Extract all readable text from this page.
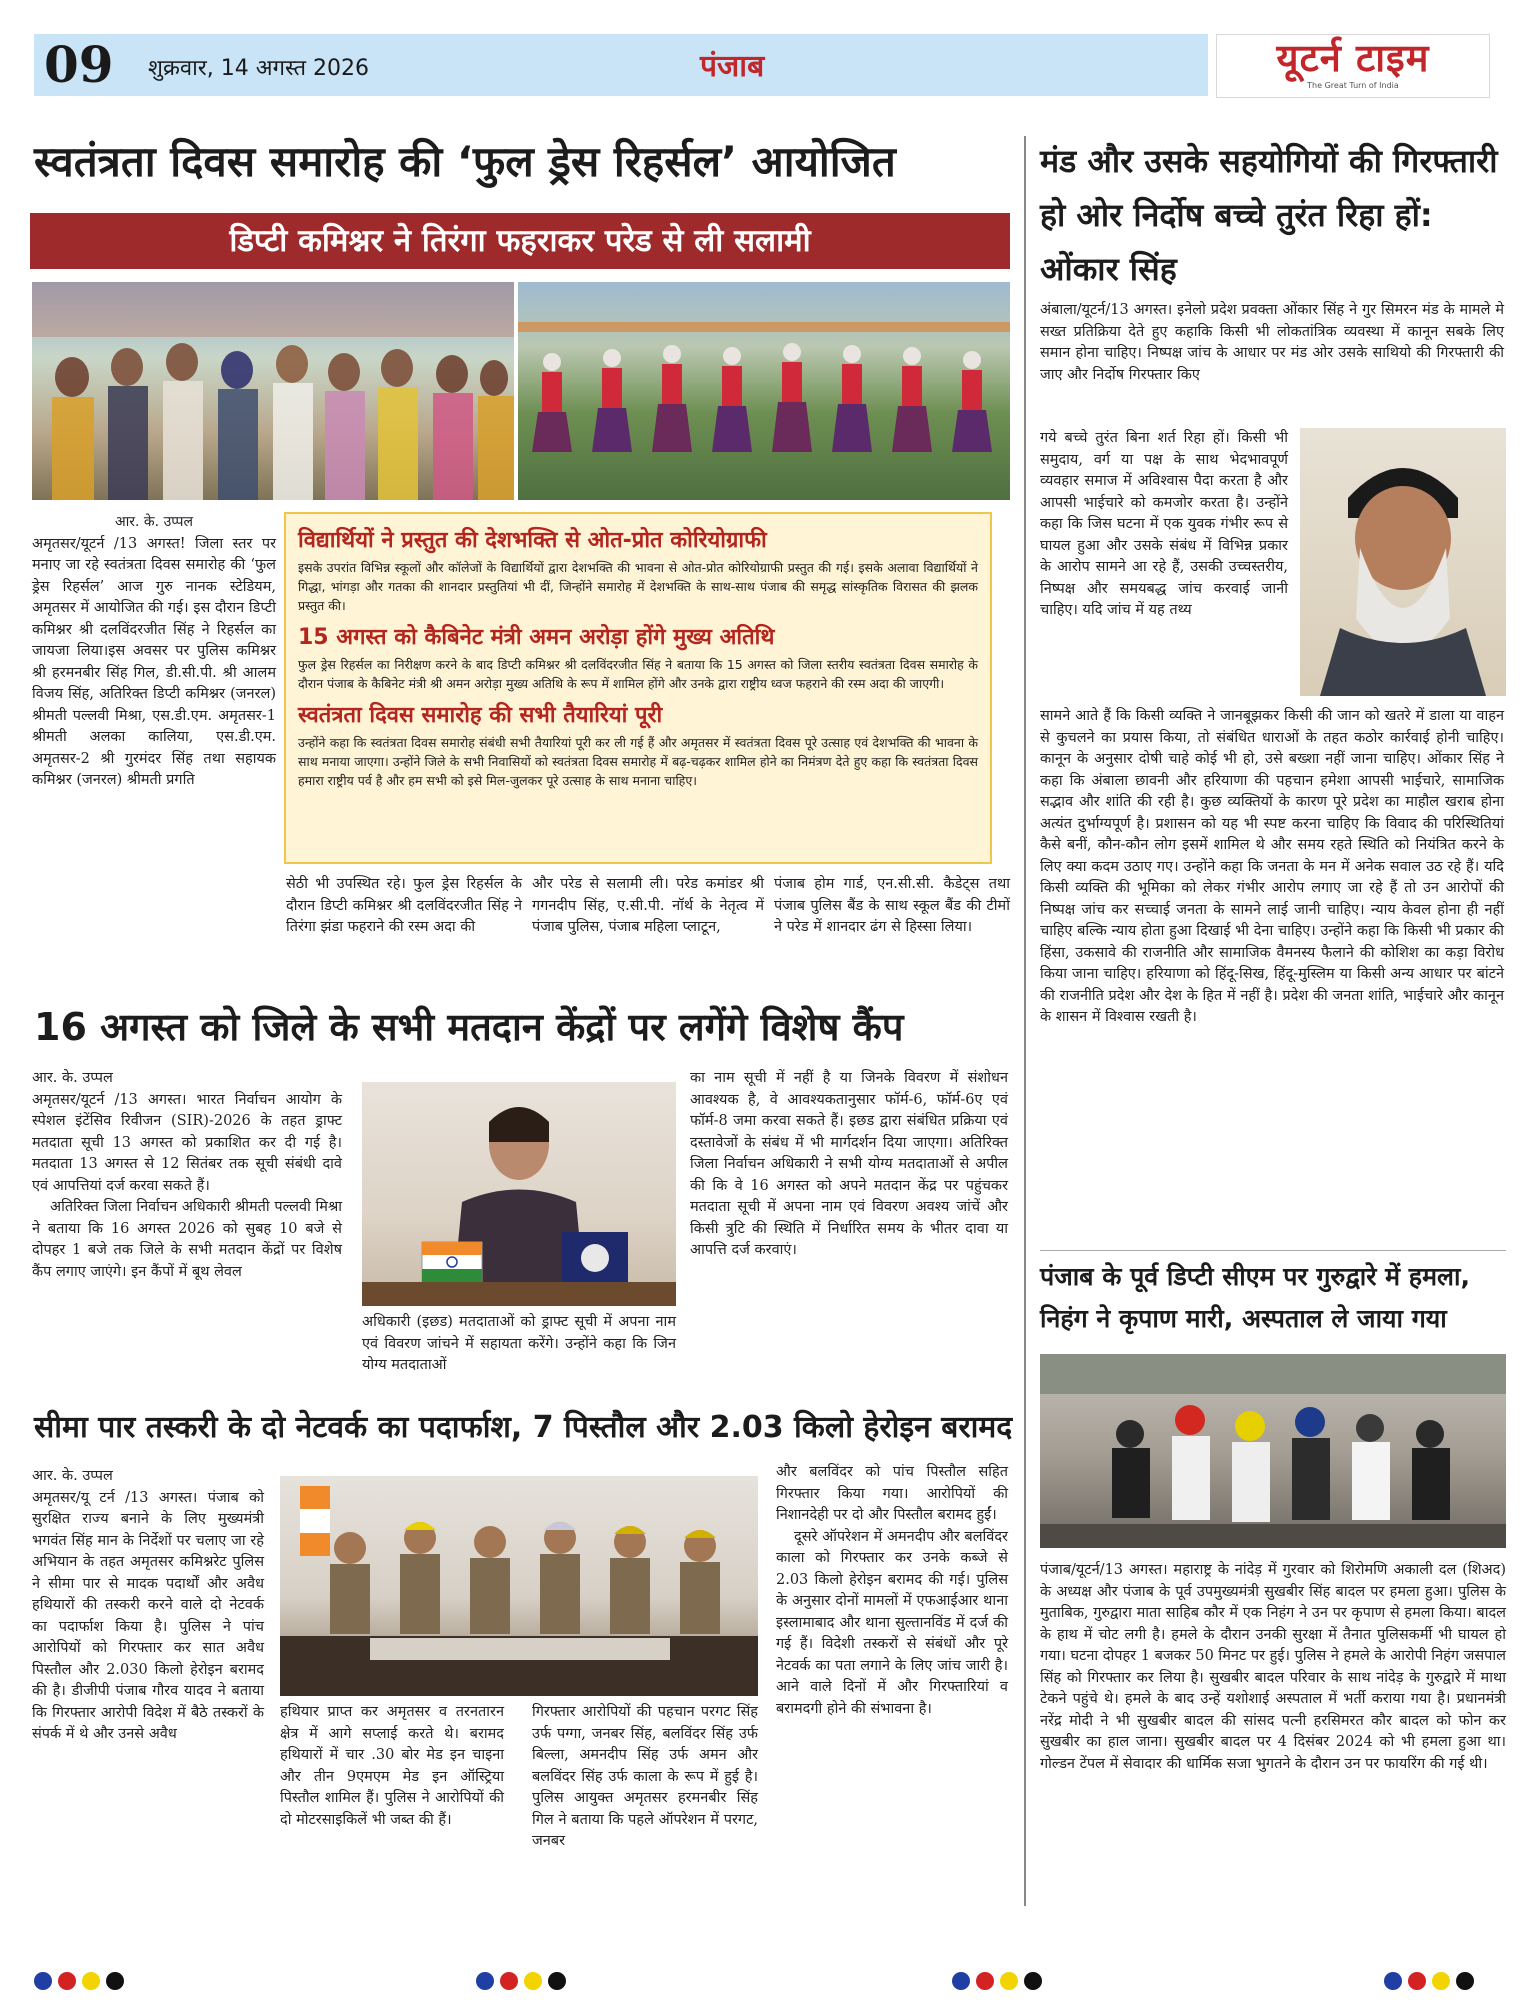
09 शुक्रवार, 14 अगस्त 2026	पंजाब	यूटर्न टाइम
The Great Turn of India
स्वतंत्रता दिवस समारोह की ‘फुल ड्रेस रिहर्सल’ आयोजित
डिप्टी कमिश्नर ने तिरंगा फहराकर परेड से ली सलामी

आर. के. उप्पल

अमृतसर/यूटर्न /13 अगस्त! जिला स्तर पर मनाए जा रहे स्वतंत्रता दिवस समारोह की ‘फुल ड्रेस रिहर्सल’ आज गुरु नानक स्टेडियम, अमृतसर में आयोजित की गई। इस दौरान डिप्टी कमिश्नर श्री दलविंदरजीत सिंह ने रिहर्सल का जायजा लिया।इस अवसर पर पुलिस कमिश्नर श्री हरमनबीर सिंह गिल, डी.सी.पी. श्री आलम विजय सिंह, अतिरिक्त डिप्टी कमिश्नर (जनरल) श्रीमती पल्लवी मिश्रा, एस.डी.एम. अमृतसर-1 श्रीमती अलका कालिया, एस.डी.एम. अमृतसर-2 श्री गुरमंदर सिंह तथा सहायक कमिश्नर (जनरल) श्रीमती प्रगति

विद्यार्थियों ने प्रस्तुत की देशभक्ति से ओत-प्रोत कोरियोग्राफी

इसके उपरांत विभिन्न स्कूलों और कॉलेजों के विद्यार्थियों द्वारा देशभक्ति की भावना से ओत-प्रोत कोरियोग्राफी प्रस्तुत की गई। इसके अलावा विद्यार्थियों ने गिद्धा, भांगड़ा और गतका की शानदार प्रस्तुतियां भी दीं, जिन्होंने समारोह में देशभक्ति के साथ-साथ पंजाब की समृद्ध सांस्कृतिक विरासत की झलक प्रस्तुत की।

15 अगस्त को कैबिनेट मंत्री अमन अरोड़ा होंगे मुख्य अतिथि

फुल ड्रेस रिहर्सल का निरीक्षण करने के बाद डिप्टी कमिश्नर श्री दलविंदरजीत सिंह ने बताया कि 15 अगस्त को जिला स्तरीय स्वतंत्रता दिवस समारोह के दौरान पंजाब के कैबिनेट मंत्री श्री अमन अरोड़ा मुख्य अतिथि के रूप में शामिल होंगे और उनके द्वारा राष्ट्रीय ध्वज फहराने की रस्म अदा की जाएगी।

स्वतंत्रता दिवस समारोह की सभी तैयारियां पूरी

उन्होंने कहा कि स्वतंत्रता दिवस समारोह संबंधी सभी तैयारियां पूरी कर ली गई हैं और अमृतसर में स्वतंत्रता दिवस पूरे उत्साह एवं देशभक्ति की भावना के साथ मनाया जाएगा। उन्होंने जिले के सभी निवासियों को स्वतंत्रता दिवस समारोह में बढ़-चढ़कर शामिल होने का निमंत्रण देते हुए कहा कि स्वतंत्रता दिवस हमारा राष्ट्रीय पर्व है और हम सभी को इसे मिल-जुलकर पूरे उत्साह के साथ मनाना चाहिए।

सेठी भी उपस्थित रहे। फुल ड्रेस रिहर्सल के दौरान डिप्टी कमिश्नर श्री दलविंदरजीत सिंह ने तिरंगा झंडा फहराने की रस्म अदा की
और परेड से सलामी ली। परेड कमांडर श्री गगनदीप सिंह, ए.सी.पी. नॉर्थ के नेतृत्व में पंजाब पुलिस, पंजाब महिला प्लाटून,
पंजाब होम गार्ड, एन.सी.सी. कैडेट्स तथा पंजाब पुलिस बैंड के साथ स्कूल बैंड की टीमों ने परेड में शानदार ढंग से हिस्सा लिया।
16 अगस्त को जिले के सभी मतदान केंद्रों पर लगेंगे विशेष कैंप

आर. के. उप्पल

अमृतसर/यूटर्न /13 अगस्त। भारत निर्वाचन आयोग के स्पेशल इंटेंसिव रिवीजन (SIR)-2026 के तहत ड्राफ्ट मतदाता सूची 13 अगस्त को प्रकाशित कर दी गई है। मतदाता 13 अगस्त से 12 सितंबर तक सूची संबंधी दावे एवं आपत्तियां दर्ज करवा सकते हैं।

अतिरिक्त जिला निर्वाचन अधिकारी श्रीमती पल्लवी मिश्रा ने बताया कि 16 अगस्त 2026 को सुबह 10 बजे से दोपहर 1 बजे तक जिले के सभी मतदान केंद्रों पर विशेष कैंप लगाए जाएंगे। इन कैंपों में बूथ लेवल

अधिकारी (इछड) मतदाताओं को ड्राफ्ट सूची में अपना नाम एवं विवरण जांचने में सहायता करेंगे। उन्होंने कहा कि जिन योग्य मतदाताओं
का नाम सूची में नहीं है या जिनके विवरण में संशोधन आवश्यक है, वे आवश्यकतानुसार फॉर्म-6, फॉर्म-6ए एवं फॉर्म-8 जमा करवा सकते हैं। इछड द्वारा संबंधित प्रक्रिया एवं दस्तावेजों के संबंध में भी मार्गदर्शन दिया जाएगा। अतिरिक्त जिला निर्वाचन अधिकारी ने सभी योग्य मतदाताओं से अपील की कि वे 16 अगस्त को अपने मतदान केंद्र पर पहुंचकर मतदाता सूची में अपना नाम एवं विवरण अवश्य जांचें और किसी त्रुटि की स्थिति में निर्धारित समय के भीतर दावा या आपत्ति दर्ज करवाएं।
सीमा पार तस्करी के दो नेटवर्क का पदार्फाश, 7 पिस्तौल और 2.03 किलो हेरोइन बरामद

आर. के. उप्पल

अमृतसर/यू टर्न /13 अगस्त। पंजाब को सुरक्षित राज्य बनाने के लिए मुख्यमंत्री भगवंत सिंह मान के निर्देशों पर चलाए जा रहे अभियान के तहत अमृतसर कमिश्नरेट पुलिस ने सीमा पार से मादक पदार्थों और अवैध हथियारों की तस्करी करने वाले दो नेटवर्क का पदार्फाश किया है। पुलिस ने पांच आरोपियों को गिरफ्तार कर सात अवैध पिस्तौल और 2.030 किलो हेरोइन बरामद की है। डीजीपी पंजाब गौरव यादव ने बताया कि गिरफ्तार आरोपी विदेश में बैठे तस्करों के संपर्क में थे और उनसे अवैध

हथियार प्राप्त कर अमृतसर व तरनतारन क्षेत्र में आगे सप्लाई करते थे। बरामद हथियारों में चार .30 बोर मेड इन चाइना और तीन 9एमएम मेड इन ऑस्ट्रिया पिस्तौल शामिल हैं। पुलिस ने आरोपियों की दो मोटरसाइकिलें भी जब्त की हैं।
गिरफ्तार आरोपियों की पहचान परगट सिंह उर्फ पग्गा, जनबर सिंह, बलविंदर सिंह उर्फ बिल्ला, अमनदीप सिंह उर्फ अमन और बलविंदर सिंह उर्फ काला के रूप में हुई है। पुलिस आयुक्त अमृतसर हरमनबीर सिंह गिल ने बताया कि पहले ऑपरेशन में परगट, जनबर

और बलविंदर को पांच पिस्तौल सहित गिरफ्तार किया गया। आरोपियों की निशानदेही पर दो और पिस्तौल बरामद हुईं।

दूसरे ऑपरेशन में अमनदीप और बलविंदर काला को गिरफ्तार कर उनके कब्जे से 2.03 किलो हेरोइन बरामद की गई। पुलिस के अनुसार दोनों मामलों में एफआईआर थाना इस्लामाबाद और थाना सुल्तानविंड में दर्ज की गई हैं। विदेशी तस्करों से संबंधों और पूरे नेटवर्क का पता लगाने के लिए जांच जारी है। आने वाले दिनों में और गिरफ्तारियां व बरामदगी होने की संभावना है।

मंड और उसके सहयोगियों की गिरफ्तारी हो ओर निर्दोष बच्चे तुरंत रिहा हों: ओंकार सिंह
अंबाला/यूटर्न/13 अगस्त। इनेलो प्रदेश प्रवक्ता ओंकार सिंह ने गुर सिमरन मंड के मामले मे सख्त प्रतिक्रिया देते हुए कहाकि किसी भी लोकतांत्रिक व्यवस्था में कानून सबके लिए समान होना चाहिए। निष्पक्ष जांच के आधार पर मंड ओर उसके साथियो की गिरफ्तारी की जाए और निर्दोष गिरफ्तार किए
गये बच्चे तुरंत बिना शर्त रिहा हों। किसी भी समुदाय, वर्ग या पक्ष के साथ भेदभावपूर्ण व्यवहार समाज में अविश्वास पैदा करता है और आपसी भाईचारे को कमजोर करता है। उन्होंने कहा कि जिस घटना में एक युवक गंभीर रूप से घायल हुआ और उसके संबंध में विभिन्न प्रकार के आरोप सामने आ रहे हैं, उसकी उच्चस्तरीय, निष्पक्ष और समयबद्ध जांच करवाई जानी चाहिए। यदि जांच में यह तथ्य
सामने आते हैं कि किसी व्यक्ति ने जानबूझकर किसी की जान को खतरे में डाला या वाहन से कुचलने का प्रयास किया, तो संबंधित धाराओं के तहत कठोर कार्रवाई होनी चाहिए। कानून के अनुसार दोषी चाहे कोई भी हो, उसे बख्शा नहीं जाना चाहिए। ओंकार सिंह ने कहा कि अंबाला छावनी और हरियाणा की पहचान हमेशा आपसी भाईचारे, सामाजिक सद्भाव और शांति की रही है। कुछ व्यक्तियों के कारण पूरे प्रदेश का माहौल खराब होना अत्यंत दुर्भाग्यपूर्ण है। प्रशासन को यह भी स्पष्ट करना चाहिए कि विवाद की परिस्थितियां कैसे बनीं, कौन-कौन लोग इसमें शामिल थे और समय रहते स्थिति को नियंत्रित करने के लिए क्या कदम उठाए गए। उन्होंने कहा कि जनता के मन में अनेक सवाल उठ रहे हैं। यदि किसी व्यक्ति की भूमिका को लेकर गंभीर आरोप लगाए जा रहे हैं तो उन आरोपों की निष्पक्ष जांच कर सच्चाई जनता के सामने लाई जानी चाहिए। न्याय केवल होना ही नहीं चाहिए बल्कि न्याय होता हुआ दिखाई भी देना चाहिए। उन्होंने कहा कि किसी भी प्रकार की हिंसा, उकसावे की राजनीति और सामाजिक वैमनस्य फैलाने की कोशिश का कड़ा विरोध किया जाना चाहिए। हरियाणा को हिंदू-सिख, हिंदू-मुस्लिम या किसी अन्य आधार पर बांटने की राजनीति प्रदेश और देश के हित में नहीं है। प्रदेश की जनता शांति, भाईचारे और कानून के शासन में विश्वास रखती है।
पंजाब के पूर्व डिप्टी सीएम पर गुरुद्वारे में हमला, निहंग ने कृपाण मारी, अस्पताल ले जाया गया
पंजाब/यूटर्न/13 अगस्त। महाराष्ट्र के नांदेड़ में गुरवार को शिरोमणि अकाली दल (शिअद) के अध्यक्ष और पंजाब के पूर्व उपमुख्यमंत्री सुखबीर सिंह बादल पर हमला हुआ। पुलिस के मुताबिक, गुरुद्वारा माता साहिब कौर में एक निहंग ने उन पर कृपाण से हमला किया। बादल के हाथ में चोट लगी है। हमले के दौरान उनकी सुरक्षा में तैनात पुलिसकर्मी भी घायल हो गया। घटना दोपहर 1 बजकर 50 मिनट पर हुई। पुलिस ने हमले के आरोपी निहंग जसपाल सिंह को गिरफ्तार कर लिया है। सुखबीर बादल परिवार के साथ नांदेड़ के गुरुद्वारे में माथा टेकने पहुंचे थे। हमले के बाद उन्हें यशोशाई अस्पताल में भर्ती कराया गया है। प्रधानमंत्री नरेंद्र मोदी ने भी सुखबीर बादल की सांसद पत्नी हरसिमरत कौर बादल को फोन कर सुखबीर का हाल जाना। सुखबीर बादल पर 4 दिसंबर 2024 को भी हमला हुआ था। गोल्डन टेंपल में सेवादार की धार्मिक सजा भुगतने के दौरान उन पर फायरिंग की गई थी।
